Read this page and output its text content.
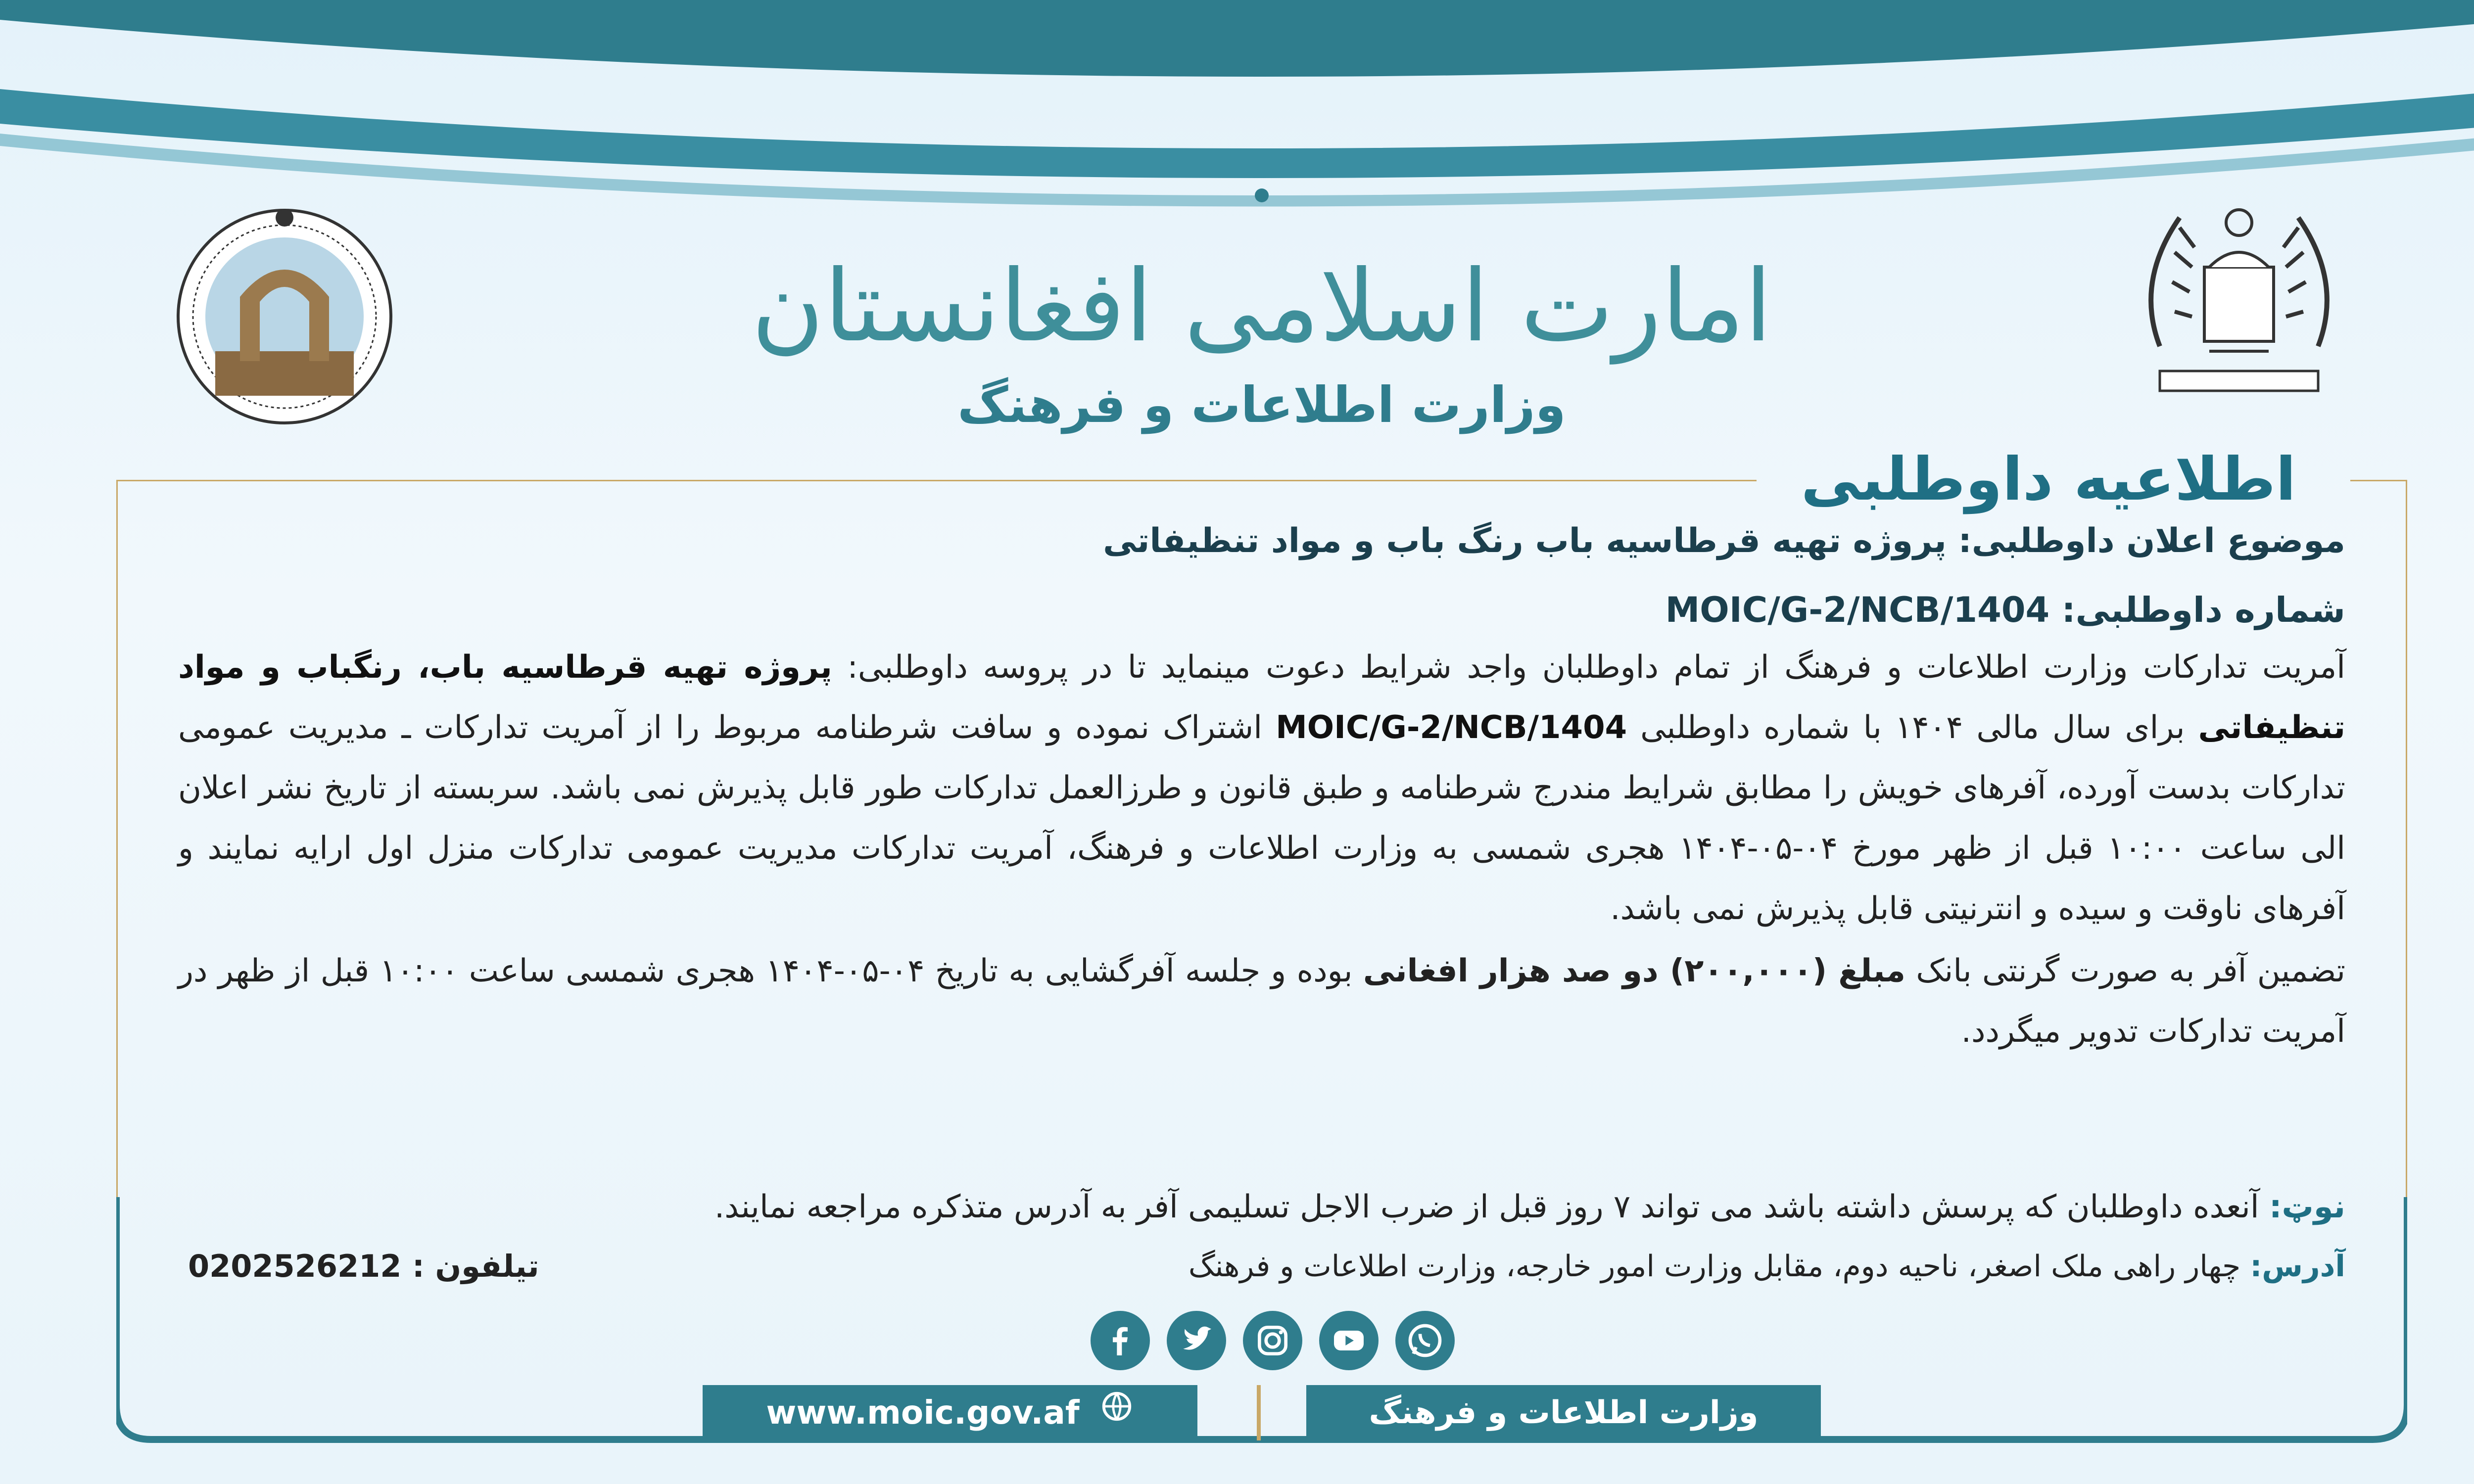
امارت اسلامی افغانستان
وزارت اطلاعات و فرهنگ
اطلاعیه داوطلبی
موضوع اعلان داوطلبی: پروژه تهیه قرطاسیه باب رنگ باب و مواد تنظیفاتی
شماره داوطلبی: MOIC/G-2/NCB/1404
آمریت تدارکات وزارت اطلاعات و فرهنگ از تمام داوطلبان واجد شرایط دعوت مینماید تا در پروسه داوطلبی: پروژه تهیه قرطاسیه باب، رنگباب و مواد تنظیفاتی برای سال مالی ۱۴۰۴ با شماره داوطلبی MOIC/G-2/NCB/1404 اشتراک نموده و سافت شرطنامه مربوط را از آمریت تدارکات ـ مدیریت عمومی تدارکات بدست آورده، آفرهای خویش را مطابق شرایط مندرج شرطنامه و طبق قانون و طرزالعمل تدارکات طور قابل پذیرش نمی باشد. سربسته از تاریخ نشر اعلان الی ساعت ۱۰:۰۰ قبل از ظهر مورخ ۰۴-۰۵-۱۴۰۴ هجری شمسی به وزارت اطلاعات و فرهنگ، آمریت تدارکات مدیریت عمومی تدارکات منزل اول ارایه نمایند و آفرهای ناوقت و سیده و انترنیتی قابل پذیرش نمی باشد.
تضمین آفر به صورت گرنتی بانک مبلغ (۲۰۰,۰۰۰) دو صد هزار افغانی بوده و جلسه آفرگشایی به تاریخ ۰۴-۰۵-۱۴۰۴ هجری شمسی ساعت ۱۰:۰۰ قبل از ظهر در آمریت تدارکات تدویر میگردد.
نوټ: آنعده داوطلبان که پرسش داشته باشد می تواند ۷ روز قبل از ضرب الاجل تسلیمی آفر به آدرس متذکره مراجعه نمایند.
آدرس: چهار راهی ملک اصغر، ناحیه دوم، مقابل وزارت امور خارجه، وزارت اطلاعات و فرهنگ
تیلفون : 0202526212
www.moic.gov.af	وزارت اطلاعات و فرهنگ
